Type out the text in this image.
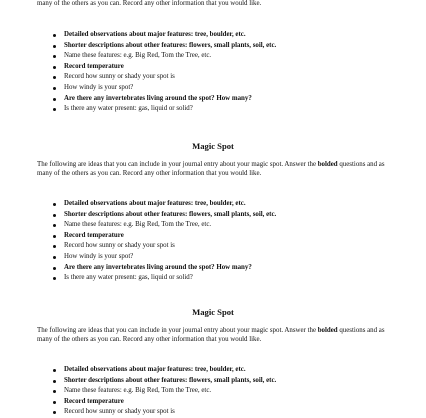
many of the others as you can. Record any other information that you would like.

Detailed observations about major features: tree, boulder, etc.
Shorter descriptions about other features: flowers, small plants, soil, etc.
Name these features: e.g. Big Red, Tom the Tree, etc.
Record temperature
Record how sunny or shady your spot is
How windy is your spot?
Are there any invertebrates living around the spot? How many?
Is there any water present: gas, liquid or solid?
Magic Spot

The following are ideas that you can include in your journal entry about your magic spot. Answer the bolded questions and as many of the others as you can. Record any other information that you would like.

Detailed observations about major features: tree, boulder, etc.
Shorter descriptions about other features: flowers, small plants, soil, etc.
Name these features: e.g. Big Red, Tom the Tree, etc.
Record temperature
Record how sunny or shady your spot is
How windy is your spot?
Are there any invertebrates living around the spot? How many?
Is there any water present: gas, liquid or solid?
Magic Spot

The following are ideas that you can include in your journal entry about your magic spot. Answer the bolded questions and as many of the others as you can. Record any other information that you would like.

Detailed observations about major features: tree, boulder, etc.
Shorter descriptions about other features: flowers, small plants, soil, etc.
Name these features: e.g. Big Red, Tom the Tree, etc.
Record temperature
Record how sunny or shady your spot is
